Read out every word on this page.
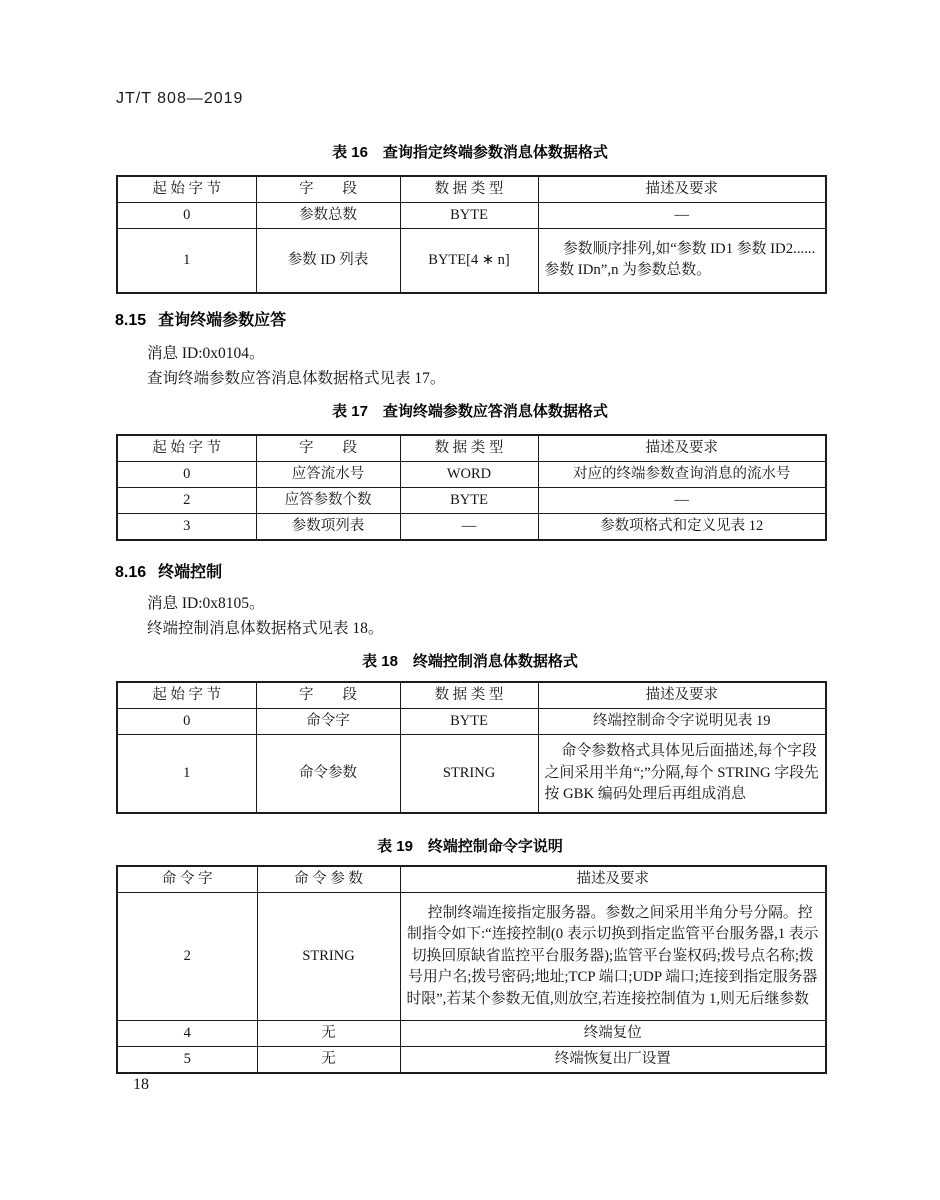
JT/T 808—2019
表 16 查询指定终端参数消息体数据格式
起 始 字 节	字　　段	数 据 类 型	描述及要求
0	参数总数	BYTE	—
1	参数 ID 列表	BYTE[4 ∗ n]	参数顺序排列,如“参数 ID1 参数 ID2......参数 IDn”,n 为参数总数。
8.15 查询终端参数应答
消息 ID:0x0104。
查询终端参数应答消息体数据格式见表 17。
表 17 查询终端参数应答消息体数据格式
起 始 字 节	字　　段	数 据 类 型	描述及要求
0	应答流水号	WORD	对应的终端参数查询消息的流水号
2	应答参数个数	BYTE	—
3	参数项列表	—	参数项格式和定义见表 12
8.16 终端控制
消息 ID:0x8105。
终端控制消息体数据格式见表 18。
表 18 终端控制消息体数据格式
起 始 字 节	字　　段	数 据 类 型	描述及要求
0	命令字	BYTE	终端控制命令字说明见表 19
1	命令参数	STRING	命令参数格式具体见后面描述,每个字段之间采用半角“;”分隔,每个 STRING 字段先按 GBK 编码处理后再组成消息
表 19 终端控制命令字说明
命 令 字	命 令 参 数	描述及要求
2	STRING	控制终端连接指定服务器。参数之间采用半角分号分隔。控制指令如下:“连接控制(0 表示切换到指定监管平台服务器,1 表示切换回原缺省监控平台服务器);监管平台鉴权码;拨号点名称;拨号用户名;拨号密码;地址;TCP 端口;UDP 端口;连接到指定服务器时限”,若某个参数无值,则放空,若连接控制值为 1,则无后继参数
4	无	终端复位
5	无	终端恢复出厂设置
18
